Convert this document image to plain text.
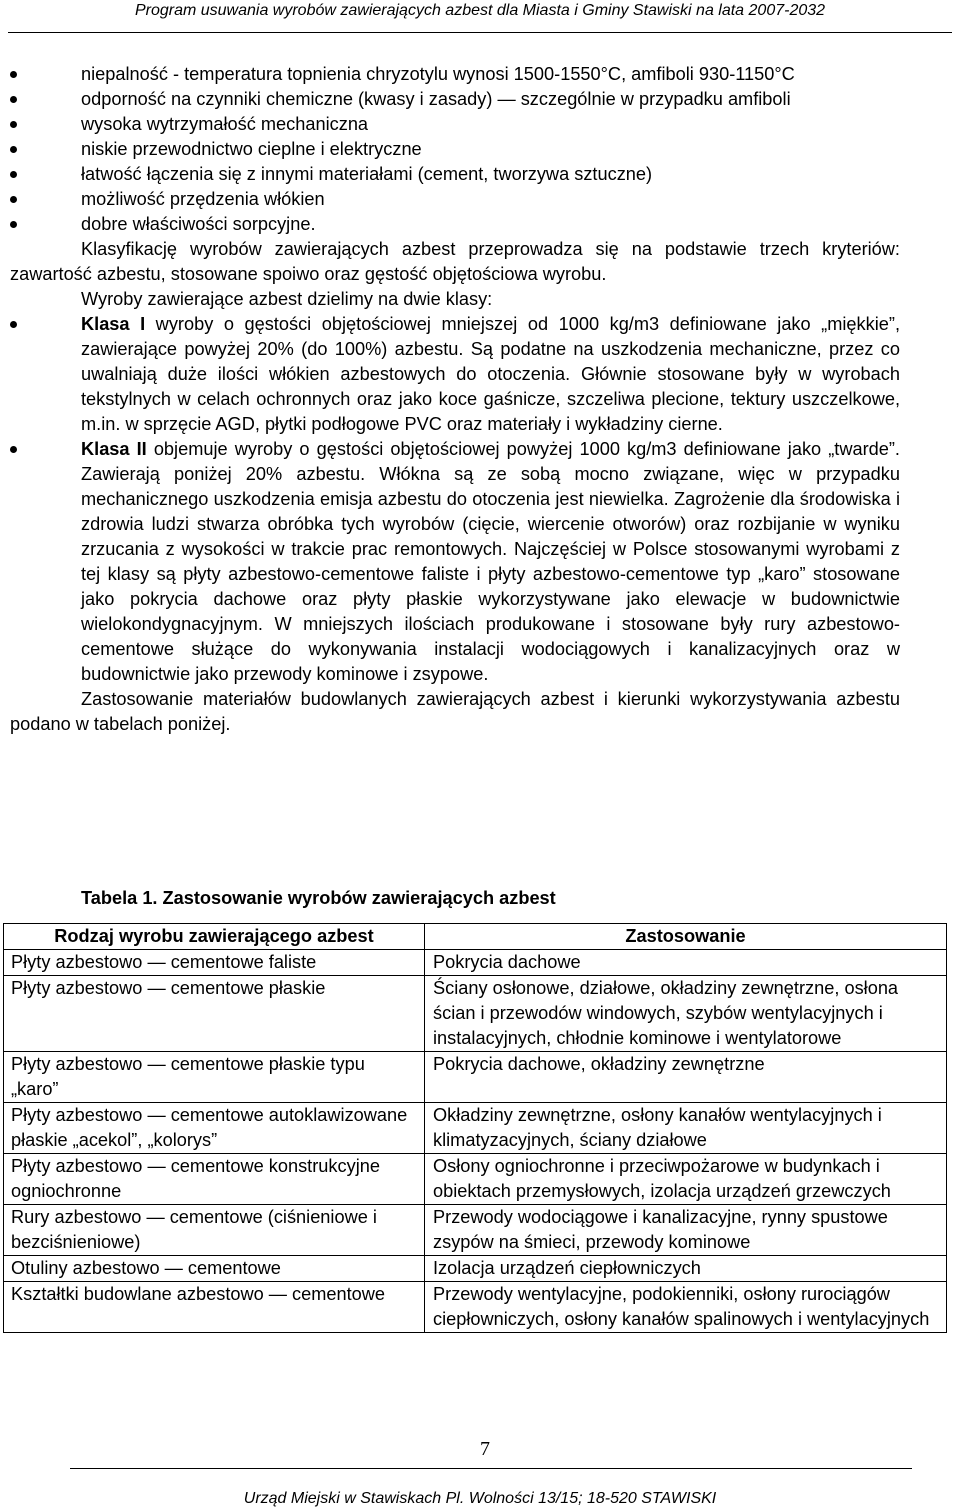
Program usuwania wyrobów zawierających azbest dla Miasta i Gminy Stawiski na lata 2007-2032
niepalność - temperatura topnienia chryzotylu wynosi 1500-1550°C, amfiboli 930-1150°C
odporność na czynniki chemiczne (kwasy i zasady) — szczególnie w przypadku amfiboli
wysoka wytrzymałość mechaniczna
niskie przewodnictwo cieplne i elektryczne
łatwość łączenia się z innymi materiałami (cement, tworzywa sztuczne)
możliwość przędzenia włókien
dobre właściwości sorpcyjne.

Klasyfikację wyrobów zawierających azbest przeprowadza się na podstawie trzech kryteriów: zawartość azbestu, stosowane spoiwo oraz gęstość objętościowa wyrobu.

Wyroby zawierające azbest dzielimy na dwie klasy:

Klasa I wyroby o gęstości objętościowej mniejszej od 1000 kg/m3 definiowane jako „miękkie”, zawierające powyżej 20% (do 100%) azbestu. Są podatne na uszkodzenia mechaniczne, przez co uwalniają duże ilości włókien azbestowych do otoczenia. Głównie stosowane były w wyrobach tekstylnych w celach ochronnych oraz jako koce gaśnicze, szczeliwa plecione, tektury uszczelkowe, m.in. w sprzęcie AGD, płytki podłogowe PVC oraz materiały i wykładziny cierne.
Klasa II objemuje wyroby o gęstości objętościowej powyżej 1000 kg/m3 definiowane jako „twarde”. Zawierają poniżej 20% azbestu. Włókna są ze sobą mocno związane, więc w przypadku mechanicznego uszkodzenia emisja azbestu do otoczenia jest niewielka. Zagrożenie dla środowiska i zdrowia ludzi stwarza obróbka tych wyrobów (cięcie, wiercenie otworów) oraz rozbijanie w wyniku zrzucania z wysokości w trakcie prac remontowych. Najczęściej w Polsce stosowanymi wyrobami z tej klasy są płyty azbestowo-cementowe faliste i płyty azbestowo-cementowe typ „karo” stosowane jako pokrycia dachowe oraz płyty płaskie wykorzystywane jako elewacje w budownictwie wielokondygnacyjnym. W mniejszych ilościach produkowane i stosowane były rury azbestowo-cementowe służące do wykonywania instalacji wodociągowych i kanalizacyjnych oraz w budownictwie jako przewody kominowe i zsypowe.

Zastosowanie materiałów budowlanych zawierających azbest i kierunki wykorzystywania azbestu podano w tabelach poniżej.

Tabela 1. Zastosowanie wyrobów zawierających azbest
Rodzaj wyrobu zawierającego azbest	Zastosowanie
Płyty azbestowo — cementowe faliste	Pokrycia dachowe
Płyty azbestowo — cementowe płaskie	Ściany osłonowe, działowe, okładziny zewnętrzne, osłona ścian i przewodów windowych, szybów wentylacyjnych i instalacyjnych, chłodnie kominowe i wentylatorowe
Płyty azbestowo — cementowe płaskie typu „karo”	Pokrycia dachowe, okładziny zewnętrzne
Płyty azbestowo — cementowe autoklawizowane płaskie „acekol”, „kolorys”	Okładziny zewnętrzne, osłony kanałów wentylacyjnych i klimatyzacyjnych, ściany działowe
Płyty azbestowo — cementowe konstrukcyjne ogniochronne	Osłony ogniochronne i przeciwpożarowe w budynkach i obiektach przemysłowych, izolacja urządzeń grzewczych
Rury azbestowo — cementowe (ciśnieniowe i bezciśnieniowe)	Przewody wodociągowe i kanalizacyjne, rynny spustowe zsypów na śmieci, przewody kominowe
Otuliny azbestowo — cementowe	Izolacja urządzeń ciepłowniczych
Kształtki budowlane azbestowo — cementowe	Przewody wentylacyjne, podokienniki, osłony rurociągów ciepłowniczych, osłony kanałów spalinowych i wentylacyjnych
7
Urząd Miejski w Stawiskach Pl. Wolności 13/15; 18-520 STAWISKI
